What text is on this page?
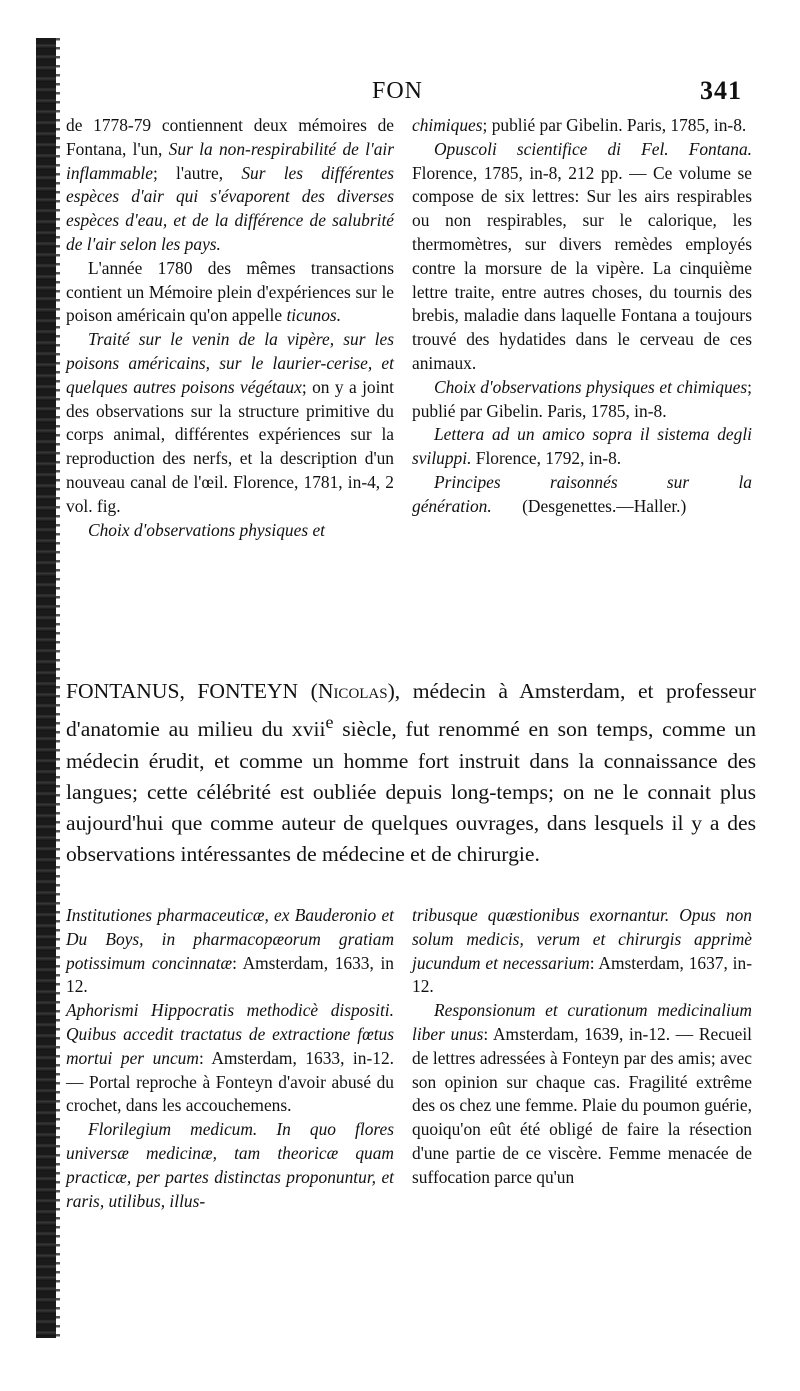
FON	341

de 1778-79 contiennent deux mémoires de Fontana, l'un, Sur la non-respirabilité de l'air inflammable; l'autre, Sur les différentes espèces d'air qui s'évaporent des diverses espèces d'eau, et de la différence de salubrité de l'air selon les pays.

L'année 1780 des mêmes transactions contient un Mémoire plein d'expériences sur le poison américain qu'on appelle ticunos.

Traité sur le venin de la vipère, sur les poisons américains, sur le laurier-cerise, et quelques autres poisons végétaux; on y a joint des observations sur la structure primitive du corps animal, différentes expériences sur la reproduction des nerfs, et la description d'un nouveau canal de l'œil. Florence, 1781, in-4, 2 vol. fig.

Choix d'observations physiques et

chimiques; publié par Gibelin. Paris, 1785, in-8.

Opuscoli scientifice di Fel. Fontana. Florence, 1785, in-8, 212 pp. — Ce volume se compose de six lettres: Sur les airs respirables ou non respirables, sur le calorique, les thermomètres, sur divers remèdes employés contre la morsure de la vipère. La cinquième lettre traite, entre autres choses, du tournis des brebis, maladie dans laquelle Fontana a toujours trouvé des hydatides dans le cerveau de ces animaux.

Choix d'observations physiques et chimiques; publié par Gibelin. Paris, 1785, in-8.

Lettera ad un amico sopra il sistema degli sviluppi. Florence, 1792, in-8.

Principes raisonnés sur la génération.       (Desgenettes.—Haller.)

FONTANUS, FONTEYN (Nicolas), médecin à Amsterdam, et professeur d'anatomie au milieu du xvii$^e$ siècle, fut renommé en son temps, comme un médecin érudit, et comme un homme fort instruit dans la connaissance des langues; cette célébrité est oubliée depuis long-temps; on ne le connait plus aujourd'hui que comme auteur de quelques ouvrages, dans lesquels il y a des observations intéressantes de médecine et de chirurgie.

Institutiones pharmaceuticæ, ex Bauderonio et Du Boys, in pharmacopæorum gratiam potissimum concinnatæ: Amsterdam, 1633, in 12.

Aphorismi Hippocratis methodicè dispositi. Quibus accedit tractatus de extractione fœtus mortui per uncum: Amsterdam, 1633, in-12. — Portal reproche à Fonteyn d'avoir abusé du crochet, dans les accouchemens.

Florilegium medicum. In quo flores universæ medicinæ, tam theoricæ quam practicæ, per partes distinctas proponuntur, et raris, utilibus, illus-

tribusque quæstionibus exornantur. Opus non solum medicis, verum et chirurgis apprimè jucundum et necessarium: Amsterdam, 1637, in-12.

Responsionum et curationum medicinalium liber unus: Amsterdam, 1639, in-12. — Recueil de lettres adressées à Fonteyn par des amis; avec son opinion sur chaque cas. Fragilité extrême des os chez une femme. Plaie du poumon guérie, quoiqu'on eût été obligé de faire la résection d'une partie de ce viscère. Femme menacée de suffocation parce qu'un
